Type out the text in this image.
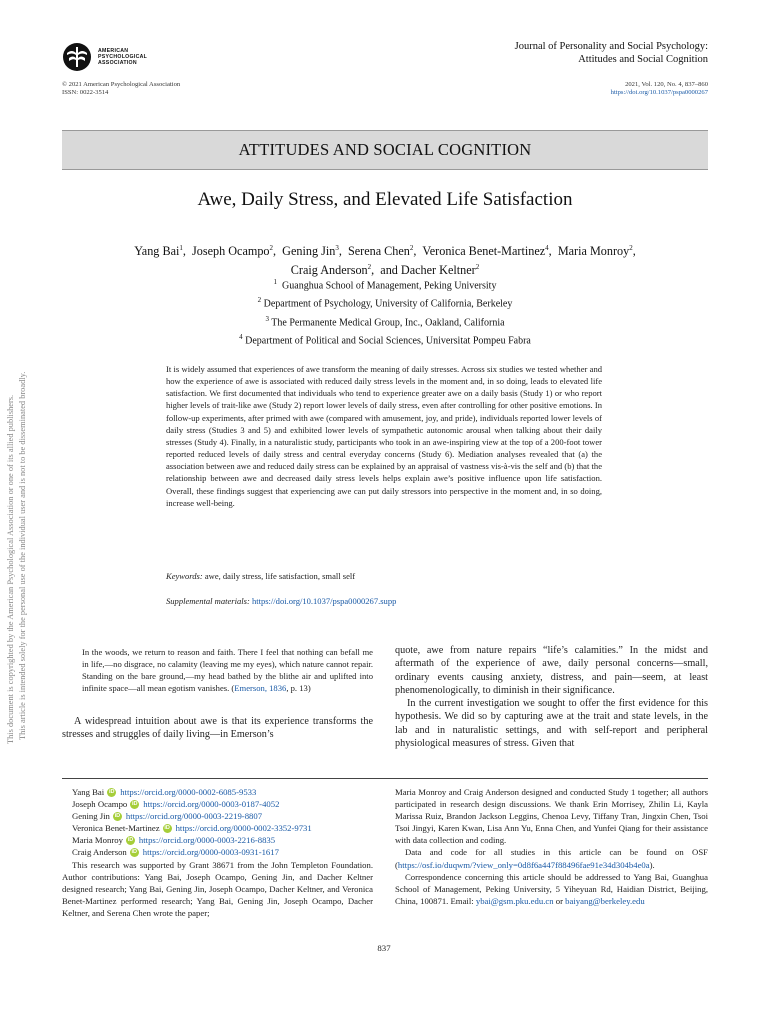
AMERICAN
PSYCHOLOGICAL
ASSOCIATION
Journal of Personality and Social Psychology:
Attitudes and Social Cognition
© 2021 American Psychological Association
ISSN: 0022-3514
2021, Vol. 120, No. 4, 837–860
https://doi.org/10.1037/pspa0000267
ATTITUDES AND SOCIAL COGNITION
Awe, Daily Stress, and Elevated Life Satisfaction
Yang Bai$^1$,  Joseph Ocampo$^2$,  Gening Jin$^3$,  Serena Chen$^2$,  Veronica Benet-Martinez$^4$,  Maria Monroy$^2$,
Craig Anderson$^2$,  and Dacher Keltner$^2$
$^1$ Guanghua School of Management, Peking University
$^2$ Department of Psychology, University of California, Berkeley
$^3$ The Permanente Medical Group, Inc., Oakland, California
$^4$ Department of Political and Social Sciences, Universitat Pompeu Fabra
It is widely assumed that experiences of awe transform the meaning of daily stresses. Across six studies we tested whether and how the experience of awe is associated with reduced daily stress levels in the moment and, in so doing, leads to elevated life satisfaction. We first documented that individuals who tend to experience greater awe on a daily basis (Study 1) or who report higher levels of trait-like awe (Study 2) report lower levels of daily stress, even after controlling for other positive emotions. In follow-up experiments, after primed with awe (compared with amusement, joy, and pride), individuals reported lower levels of daily stress (Studies 3 and 5) and exhibited lower levels of sympathetic autonomic arousal when talking about their daily stresses (Study 4). Finally, in a naturalistic study, participants who took in an awe-inspiring view at the top of a 200-foot tower reported reduced levels of daily stress and central everyday concerns (Study 6). Mediation analyses revealed that (a) the association between awe and reduced daily stress can be explained by an appraisal of vastness vis-à-vis the self and (b) that the relationship between awe and decreased daily stress levels helps explain awe’s positive influence upon life satisfaction. Overall, these findings suggest that experiencing awe can put daily stressors into perspective in the moment and, in so doing, increase well-being.
Keywords: awe, daily stress, life satisfaction, small self
Supplemental materials: https://doi.org/10.1037/pspa0000267.supp
This document is copyrighted by the American Psychological Association or one of its allied publishers. This article is intended solely for the personal use of the individual user and is not to be disseminated broadly.	In the woods, we return to reason and faith. There I feel that nothing can befall me in life,—no disgrace, no calamity (leaving me my eyes), which nature cannot repair. Standing on the bare ground,—my head bathed by the blithe air and uplifted into infinite space—all mean egotism vanishes. (Emerson, 1836, p. 13)
A widespread intuition about awe is that its experience transforms the stresses and struggles of daily living—in Emerson’s
quote, awe from nature repairs “life’s calamities.” In the midst and aftermath of the experience of awe, daily personal concerns—small, ordinary events causing anxiety, distress, and pain—seem, at least phenomenologically, to diminish in their significance.
In the current investigation we sought to offer the first evidence for this hypothesis. We did so by capturing awe at the trait and state levels, in the lab and in naturalistic settings, and with self-report and peripheral physiological measures of stress. Given that
Yang Bai iD https://orcid.org/0000-0002-6085-9533
Joseph Ocampo iD https://orcid.org/0000-0003-0187-4052
Gening Jin iD https://orcid.org/0000-0003-2219-8807
Veronica Benet-Martinez iD https://orcid.org/0000-0002-3352-9731
Maria Monroy iD https://orcid.org/0000-0003-2216-8835
Craig Anderson iD https://orcid.org/0000-0003-0931-1617
This research was supported by Grant 38671 from the John Templeton Foundation. Author contributions: Yang Bai, Joseph Ocampo, Gening Jin, and Dacher Keltner designed research; Yang Bai, Gening Jin, Joseph Ocampo, Dacher Keltner, and Veronica Benet-Martinez performed research; Yang Bai, Gening Jin, Joseph Ocampo, Dacher Keltner, and Serena Chen wrote the paper;
Maria Monroy and Craig Anderson designed and conducted Study 1 together; all authors participated in research design discussions. We thank Erin Morrisey, Zhilin Li, Kayla Marissa Ruiz, Brandon Jackson Leggins, Chenoa Levy, Tiffany Tran, Jingxin Chen, Tsoi Tsoi Jingyi, Karen Kwan, Lisa Ann Yu, Enna Chen, and Yunfei Qiang for their assistance with data collection and coding.
Data and code for all studies in this article can be found on OSF (https://osf.io/duqwm/?view_only=0d8f6a447f88496fae91e34d304b4e0a).
Correspondence concerning this article should be addressed to Yang Bai, Guanghua School of Management, Peking University, 5 Yiheyuan Rd, Haidian District, Beijing, China, 100871. Email: ybai@gsm.pku.edu.cn or baiyang@berkeley.edu
837
